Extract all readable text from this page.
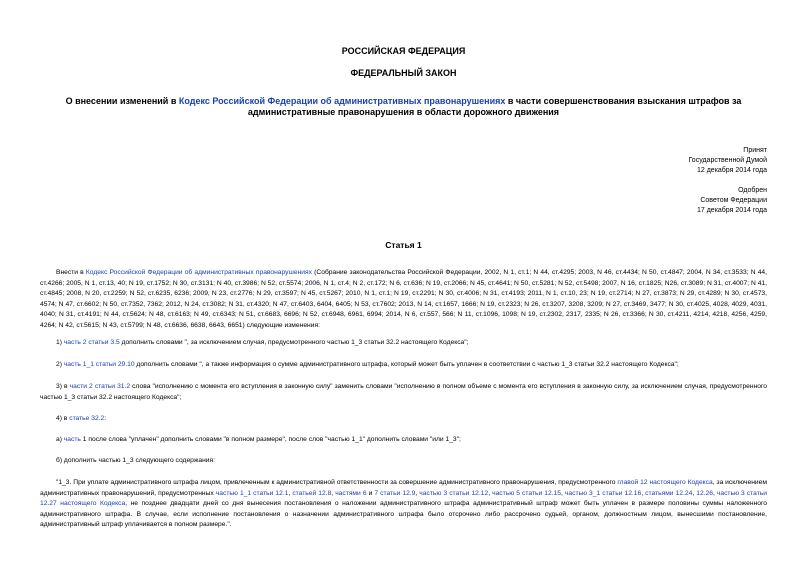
РОССИЙСКАЯ ФЕДЕРАЦИЯ
ФЕДЕРАЛЬНЫЙ ЗАКОН
О внесении изменений в Кодекс Российской Федерации об административных правонарушениях в части совершенствования взыскания штрафов за административные правонарушения в области дорожного движения
Принят
Государственной Думой
12 декабря 2014 года
Одобрен
Советом Федерации
17 декабря 2014 года
Статья 1
Внести в Кодекс Российской Федерации об административных правонарушениях (Собрание законодательства Российской Федерации, 2002, N 1, ст.1; N 44, ст.4295; 2003, N 46, ст.4434; N 50, ст.4847; 2004, N 34, ст.3533; N 44, ст.4266; 2005, N 1, ст.13, 40; N 19, ст.1752; N 30, ст.3131; N 40, ст.3986; N 52, ст.5574; 2006, N 1, ст.4; N 2, ст.172; N 6, ст.636; N 19, ст.2066; N 45, ст.4641; N 50, ст.5281; N 52, ст.5498; 2007, N 16, ст.1825; N26, ст.3089; N 31, ст.4007; N 41, ст.4845; 2008, N 20, ст.2259; N 52, ст.6235, 6236; 2009, N 23, ст.2776; N 29, ст.3597; N 45, ст.5267; 2010, N 1, ст.1; N 19, ст.2291; N 30, ст.4006; N 31, ст.4193; 2011, N 1, ст.10, 23; N 19, ст.2714; N 27, ст.3873; N 29, ст.4289; N 30, ст.4573, 4574; N 47, ст.6602; N 50, ст.7352, 7362; 2012, N 24, ст.3082; N 31, ст.4320; N 47, ст.6403, 6404, 6405; N 53, ст.7602; 2013, N 14, ст.1657, 1666; N 19, ст.2323; N 26, ст.3207, 3208, 3209; N 27, ст.3469, 3477; N 30, ст.4025, 4028, 4029, 4031, 4040; N 31, ст.4191; N 44, ст.5624; N 48, ст.6163; N 49, ст.6343; N 51, ст.6683, 6696; N 52, ст.6948, 6961, 6994; 2014, N 6, ст.557, 566; N 11, ст.1096, 1098; N 19, ст.2302, 2317, 2335; N 26, ст.3366; N 30, ст.4211, 4214, 4218, 4256, 4259, 4264; N 42, ст.5615; N 43, ст.5799; N 48, ст.6636, 6638, 6643, 6651) следующие изменения:
1) часть 2 статьи 3.5 дополнить словами ", за исключением случая, предусмотренного частью 1_3 статьи 32.2 настоящего Кодекса";
2) часть 1_1 статьи 29.10 дополнить словами ", а также информация о сумме административного штрафа, который может быть уплачен в соответствии с частью 1_3 статьи 32.2 настоящего Кодекса";
3) в части 2 статьи 31.2 слова "исполнению с момента его вступления в законную силу" заменить словами "исполнению в полном объеме с момента его вступления в законную силу, за исключением случая, предусмотренного частью 1_3 статьи 32.2 настоящего Кодекса";
4) в статье 32.2:
а) часть 1 после слова "уплачен" дополнить словами "в полном размере", после слов "частью 1_1" дополнить словами "или 1_3";
б) дополнить частью 1_3 следующего содержания:
"1_3. При уплате административного штрафа лицом, привлеченным к административной ответственности за совершение административного правонарушения, предусмотренного главой 12 настоящего Кодекса, за исключением административных правонарушений, предусмотренных частью 1_1 статьи 12.1, статьей 12.8, частями 6 и 7 статьи 12.9, частью 3 статьи 12.12, частью 5 статьи 12.15, частью 3_1 статьи 12.16, статьями 12.24, 12.26, частью 3 статьи 12.27 настоящего Кодекса, не позднее двадцати дней со дня вынесения постановления о наложении административного штрафа административный штраф может быть уплачен в размере половины суммы наложенного административного штрафа. В случае, если исполнение постановления о назначении административного штрафа было отсрочено либо рассрочено судьей, органом, должностным лицом, вынесшими постановление, административный штраф уплачивается в полном размере.".
